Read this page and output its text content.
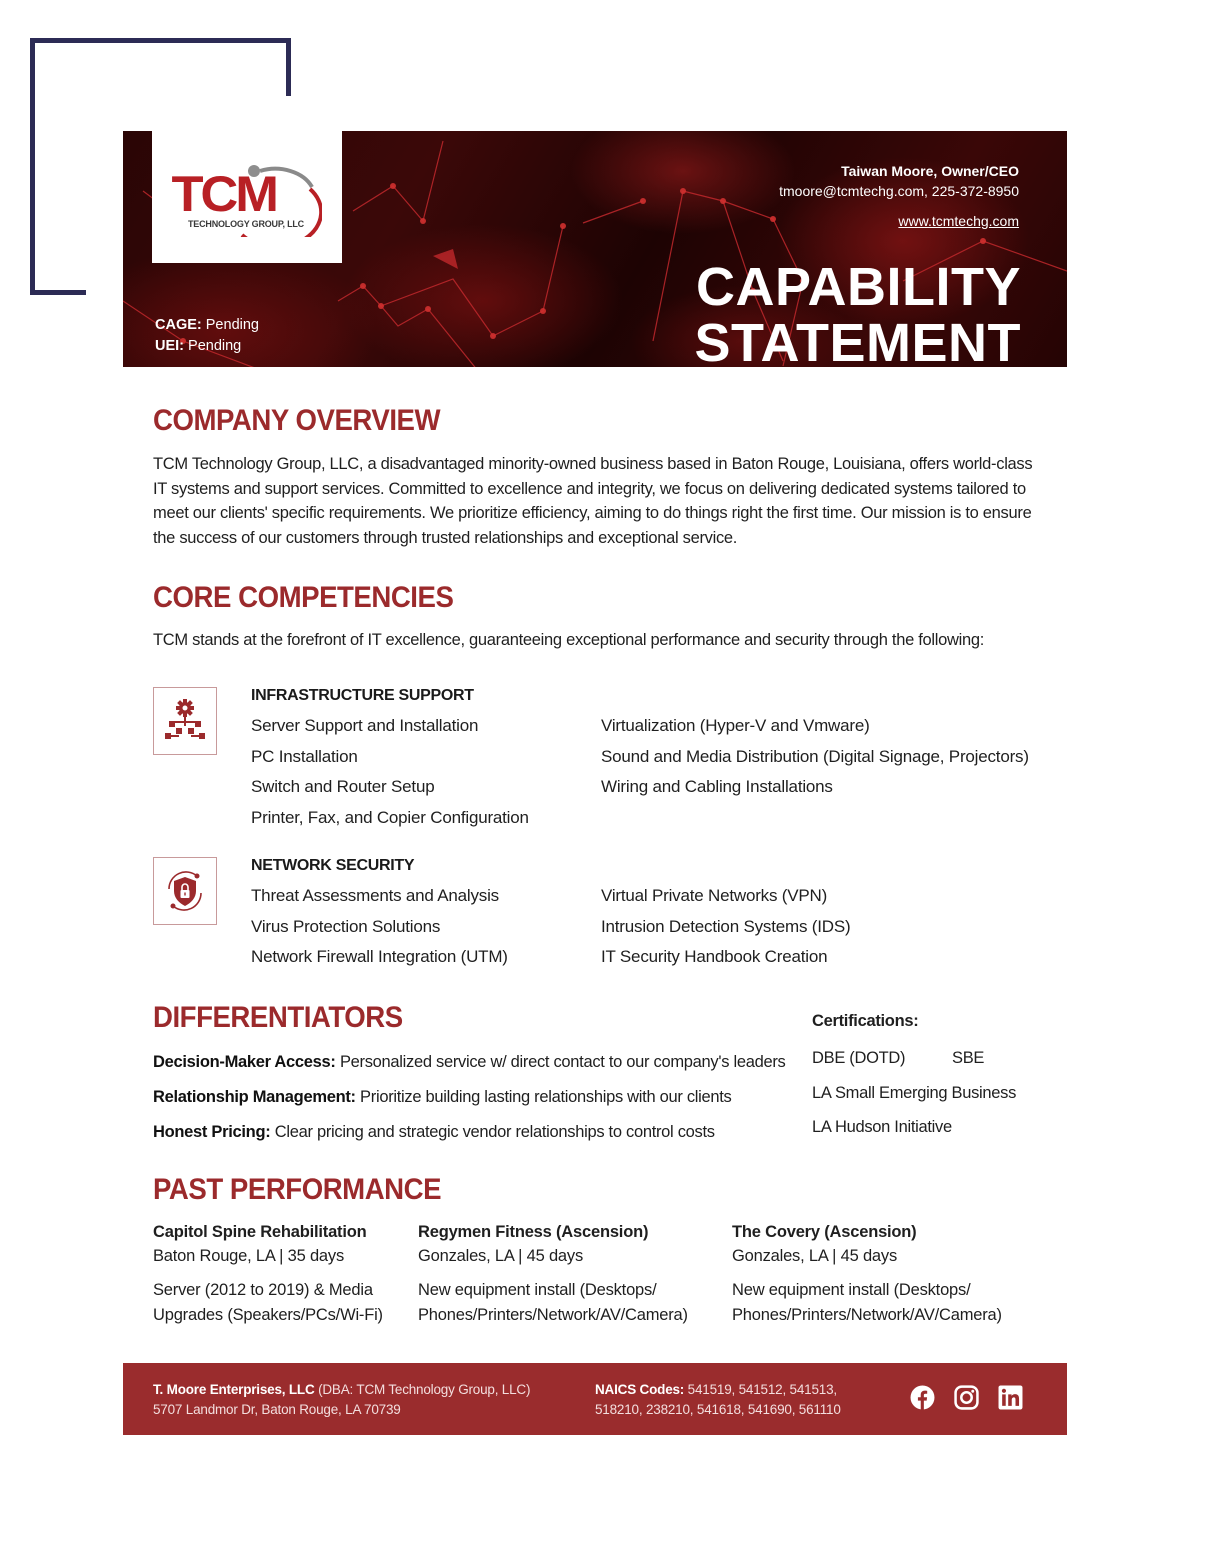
TCM
TECHNOLOGY GROUP, LLC
CAGE: Pending
UEI: Pending
Taiwan Moore, Owner/CEO
tmoore@tcmtechg.com, 225-372-8950
www.tcmtechg.com
CAPABILITY
STATEMENT
COMPANY OVERVIEW

TCM Technology Group, LLC, a disadvantaged minority-owned business based in Baton Rouge, Louisiana, offers world-class IT systems and support services. Committed to excellence and integrity, we focus on delivering dedicated systems tailored to meet our clients' specific requirements. We prioritize efficiency, aiming to do things right the first time. Our mission is to ensure the success of our customers through trusted relationships and exceptional service.

CORE COMPETENCIES

TCM stands at the forefront of IT excellence, guaranteeing exceptional performance and security through the following:

INFRASTRUCTURE SUPPORT
Server Support and Installation
PC Installation
Switch and Router Setup
Printer, Fax, and Copier Configuration
Virtualization (Hyper-V and Vmware)
Sound and Media Distribution (Digital Signage, Projectors)
Wiring and Cabling Installations
NETWORK SECURITY
Threat Assessments and Analysis
Virus Protection Solutions
Network Firewall Integration (UTM)
Virtual Private Networks (VPN)
Intrusion Detection Systems (IDS)
IT Security Handbook Creation
DIFFERENTIATORS
Decision-Maker Access: Personalized service w/ direct contact to our company's leaders
Relationship Management: Prioritize building lasting relationships with our clients
Honest Pricing: Clear pricing and strategic vendor relationships to control costs
Certifications:
DBE (DOTD)	SBE
LA Small Emerging Business
LA Hudson Initiative
PAST PERFORMANCE
Capitol Spine Rehabilitation
Baton Rouge, LA | 35 days
Server (2012 to 2019) & Media
Upgrades (Speakers/PCs/Wi-Fi)
Regymen Fitness (Ascension)
Gonzales, LA | 45 days
New equipment install (Desktops/
Phones/Printers/Network/AV/Camera)
The Covery (Ascension)
Gonzales, LA | 45 days
New equipment install (Desktops/
Phones/Printers/Network/AV/Camera)
T. Moore Enterprises, LLC (DBA: TCM Technology Group, LLC)
5707 Landmor Dr, Baton Rouge, LA 70739
NAICS Codes: 541519, 541512, 541513,
518210, 238210, 541618, 541690, 561110
